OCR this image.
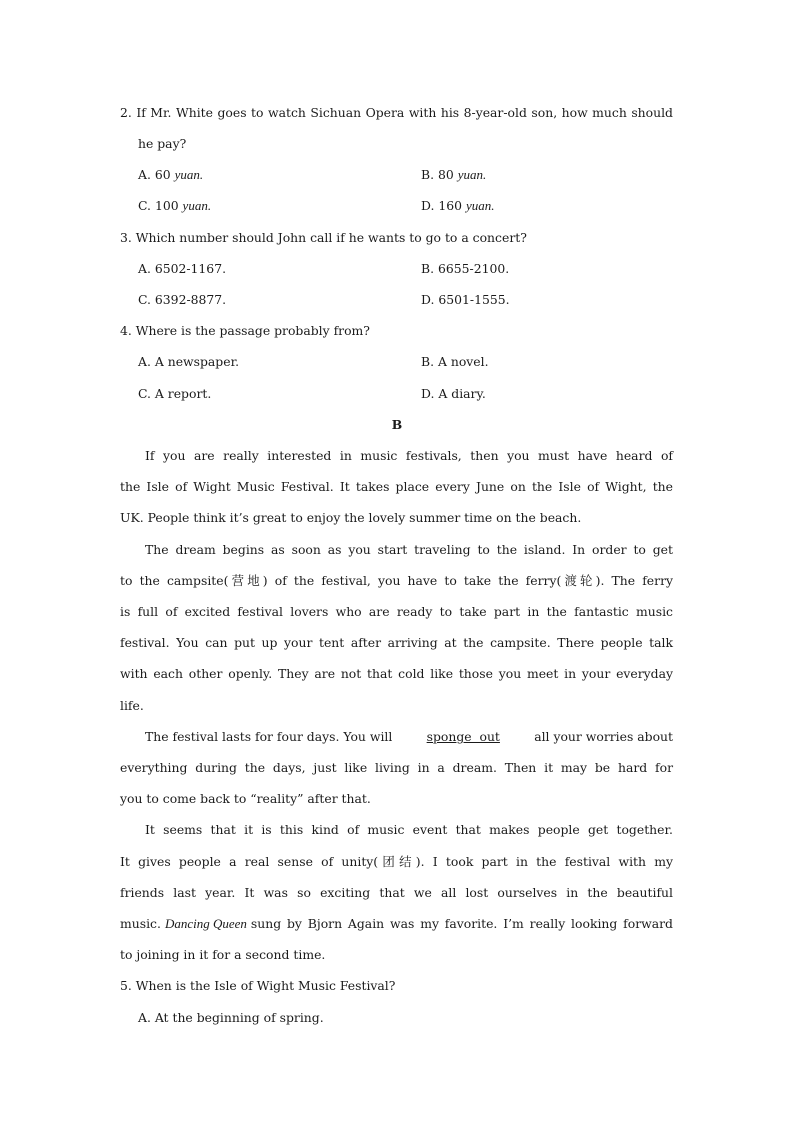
2. If Mr. White goes to watch Sichuan Opera with his 8-year-old son, how much should
he pay?
A. 60 yuan.	B. 80 yuan.
C. 100 yuan.	D. 160 yuan.
3. Which number should John call if he wants to go to a concert?
A. 6502-1167.	B. 6655-2100.
C. 6392-8877.	D. 6501-1555.
4. Where is the passage probably from?
A. A newspaper.	B. A novel.
C. A report.	D. A diary.
B
If you are really interested in music festivals, then you must have heard of
the Isle of Wight Music Festival. It takes place every June on the Isle of Wight, the
UK. People think it’s great to enjoy the lovely summer time on the beach.
The dream begins as soon as you start traveling to the island. In order to get
to the campsite(营地) of the festival, you have to take the ferry(渡轮). The ferry
is full of excited festival lovers who are ready to take part in the fantastic music
festival. You can put up your tent after arriving at the campsite. There people talk
with each other openly. They are not that cold like those you meet in your everyday
life.
The festival lasts for four days. You will	sponge  out	all your worries about
everything during the days, just like living in a dream. Then it may be hard for
you to come back to “reality” after that.
It seems that it is this kind of music event that makes people get together.
It gives people a real sense of unity(团结). I took part in the festival with my
friends last year. It was so exciting that we all lost ourselves in the beautiful
music. Dancing Queen sung by Bjorn Again was my favorite. I’m really looking forward
to joining in it for a second time.
5. When is the Isle of Wight Music Festival?
A. At the beginning of spring.
